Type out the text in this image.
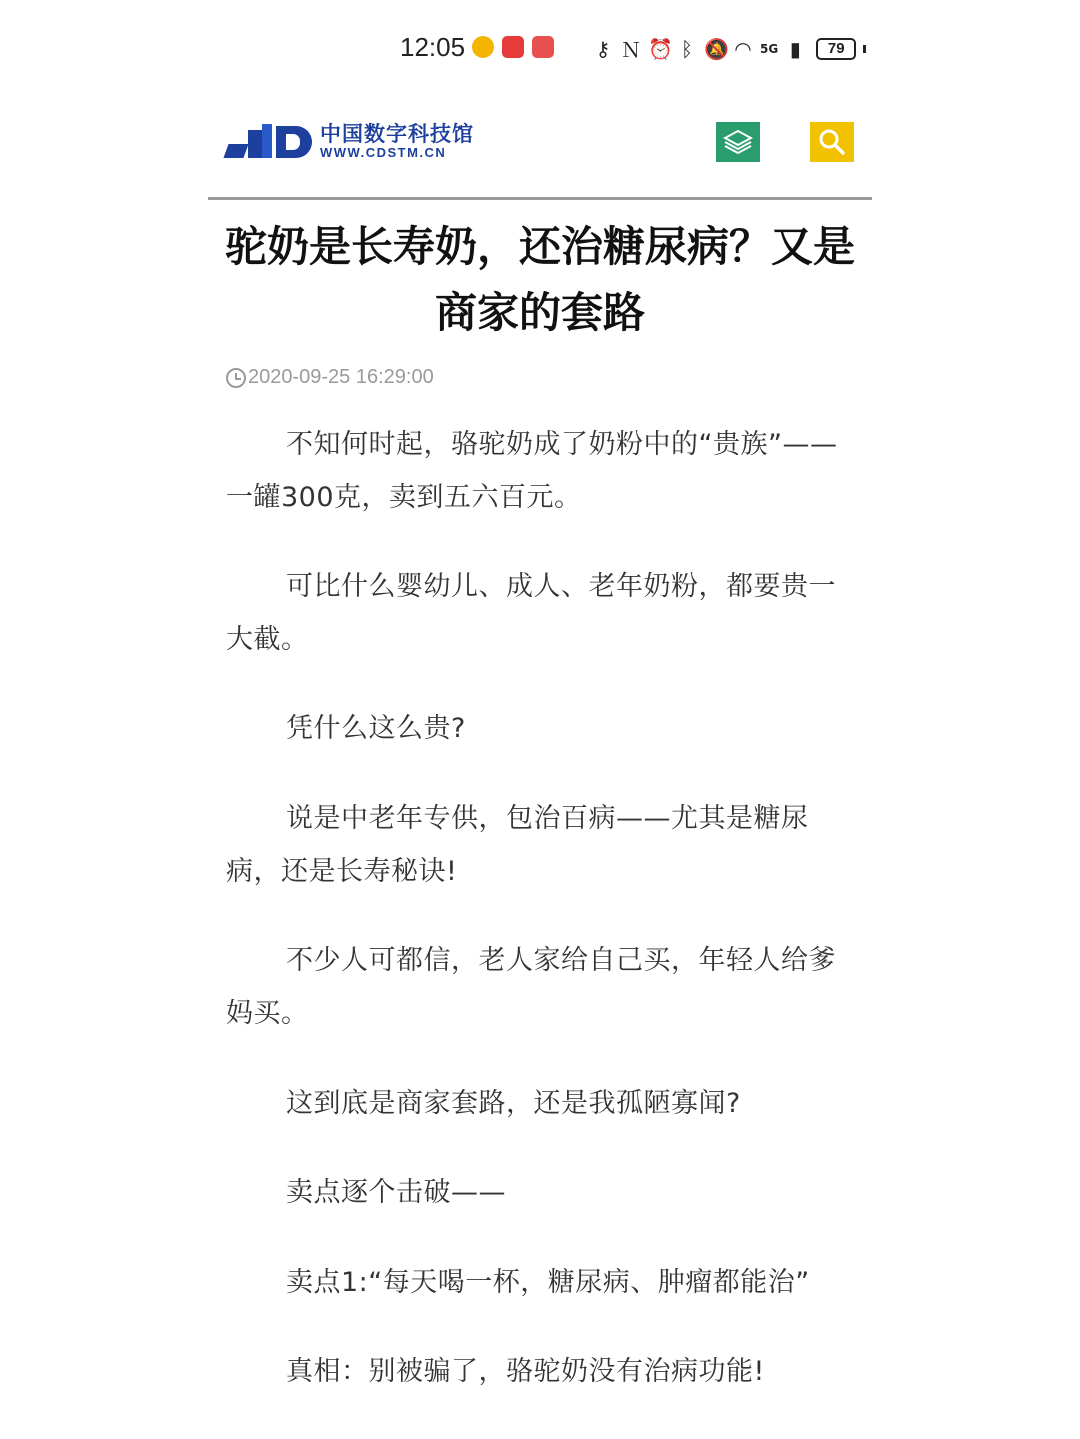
12:05	⚷ Ｎ ⏰ ᛒ 🔕 ◠ 5G ▮	79
中国数字科技馆
WWW.CDSTM.CN
驼奶是长寿奶，还治糖尿病？又是商家的套路
2020-09-25 16:29:00

不知何时起，骆驼奶成了奶粉中的“贵族”——一罐300克，卖到五六百元。

可比什么婴幼儿、成人、老年奶粉，都要贵一大截。

凭什么这么贵?

说是中老年专供，包治百病——尤其是糖尿病，还是长寿秘诀!

不少人可都信，老人家给自己买，年轻人给爹妈买。

这到底是商家套路，还是我孤陋寡闻?

卖点逐个击破——

卖点1:“每天喝一杯，糖尿病、肿瘤都能治”

真相：别被骗了，骆驼奶没有治病功能!
